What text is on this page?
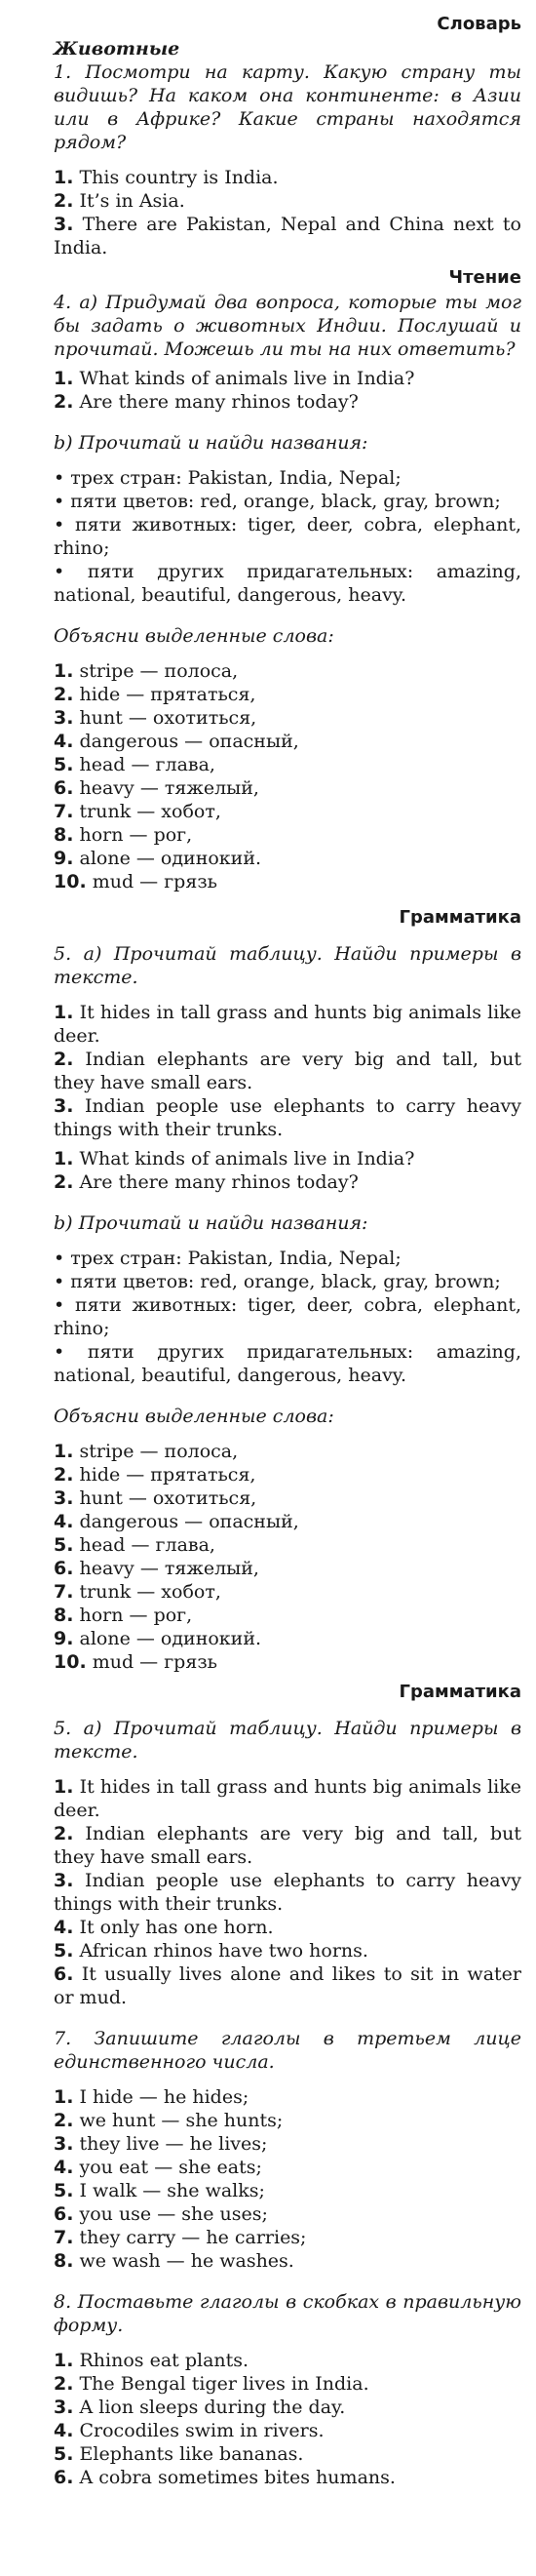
Словарь
Животные
1. Посмотри на карту. Какую страну ты видишь? На каком она континенте: в Азии или в Африке? Какие страны находятся рядом?
1. This country is India.
2. It’s in Asia.
3. There are Pakistan, Nepal and China next to India.
Чтение
4. а) Придумай два вопроса, которые ты мог бы задать о животных Индии. Послушай и прочитай. Можешь ли ты на них ответить?
1. What kinds of animals live in India?
2. Are there many rhinos today?
b) Прочитай и найди названия:
• трех стран: Pakistan, India, Nepal;
• пяти цветов: red, orange, black, gray, brown;
• пяти животных: tiger, deer, cobra, elephant, rhino;
• пяти других придагательных: amazing, national, beautiful, dangerous, heavy.
Объясни выделенные слова:
1. stripe — полоса,
2. hide — прятаться,
3. hunt — охотиться,
4. dangerous — опасный,
5. head — глава,
6. heavy — тяжелый,
7. trunk — хобот,
8. horn — рог,
9. alone — одинокий.
10. mud — грязь
Грамматика
5. а) Прочитай таблицу. Найди примеры в тексте.
1. It hides in tall grass and hunts big animals like deer.
2. Indian elephants are very big and tall, but they have small ears.
3. Indian people use elephants to carry heavy things with their trunks.
1. What kinds of animals live in India?
2. Are there many rhinos today?
b) Прочитай и найди названия:
• трех стран: Pakistan, India, Nepal;
• пяти цветов: red, orange, black, gray, brown;
• пяти животных: tiger, deer, cobra, elephant, rhino;
• пяти других придагательных: amazing, national, beautiful, dangerous, heavy.
Объясни выделенные слова:
1. stripe — полоса,
2. hide — прятаться,
3. hunt — охотиться,
4. dangerous — опасный,
5. head — глава,
6. heavy — тяжелый,
7. trunk — хобот,
8. horn — рог,
9. alone — одинокий.
10. mud — грязь
Грамматика
5. а) Прочитай таблицу. Найди примеры в тексте.
1. It hides in tall grass and hunts big animals like deer.
2. Indian elephants are very big and tall, but they have small ears.
3. Indian people use elephants to carry heavy things with their trunks.
4. It only has one horn.
5. African rhinos have two horns.
6. It usually lives alone and likes to sit in water or mud.
7. Запишите глаголы в третьем лице единственного числа.
1. I hide — he hides;
2. we hunt — she hunts;
3. they live — he lives;
4. you eat — she eats;
5. I walk — she walks;
6. you use — she uses;
7. they carry — he carries;
8. we wash — he washes.
8. Поставьте глаголы в скобках в правильную форму.
1. Rhinos eat plants.
2. The Bengal tiger lives in India.
3. A lion sleeps during the day.
4. Crocodiles swim in rivers.
5. Elephants like bananas.
6. A cobra sometimes bites humans.
